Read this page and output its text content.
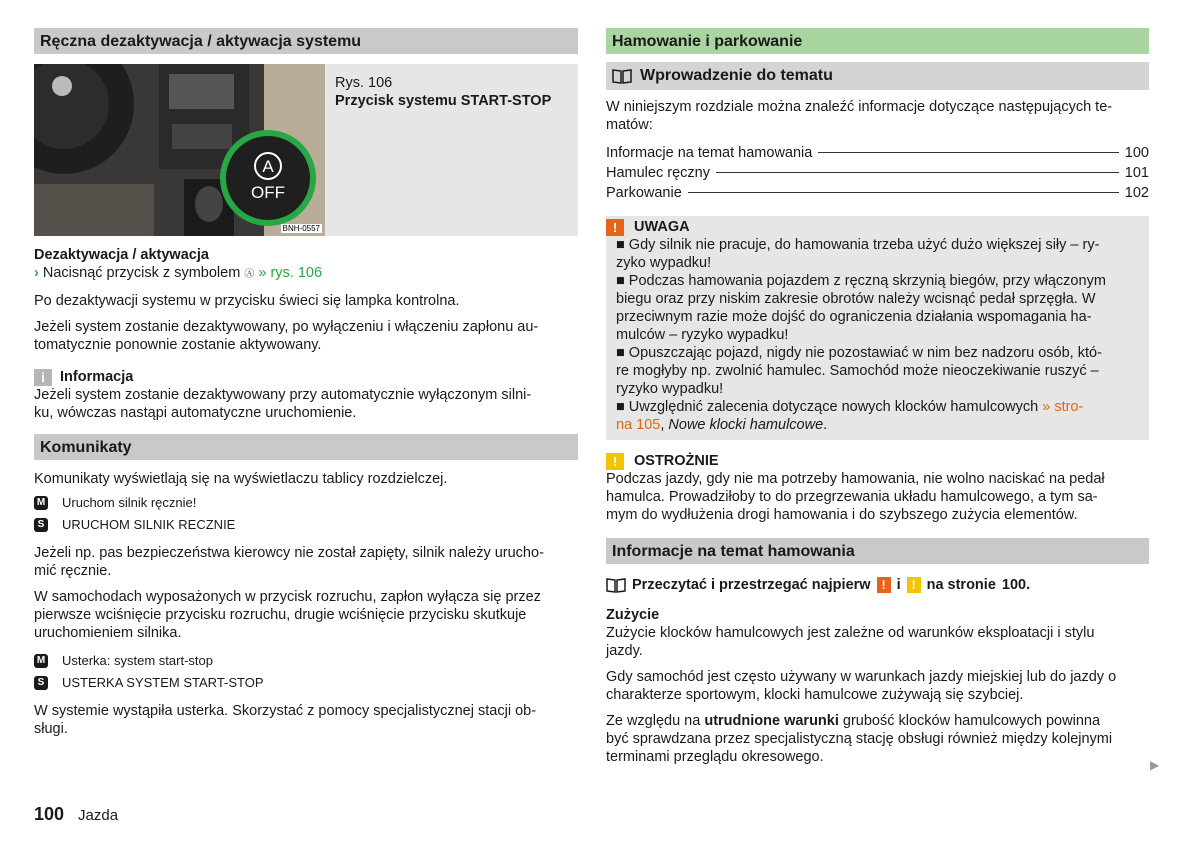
Ręczna dezaktywacja / aktywacja systemu
A
OFF
BNH-0557
Rys. 106
Przycisk systemu START-STOP
Dezaktywacja / aktywacja
› Nacisnąć przycisk z symbolem Ⓐ » rys. 106

Po dezaktywacji systemu w przycisku świeci się lampka kontrolna.

Jeżeli system zostanie dezaktywowany, po wyłączeniu i włączeniu zapłonu au-
tomatycznie ponownie zostanie aktywowany.

i	Informacja
Jeżeli system zostanie dezaktywowany przy automatycznie wyłączonym silni-
ku, wówczas nastąpi automatyczne uruchomienie.
Komunikaty

Komunikaty wyświetlają się na wyświetlaczu tablicy rozdzielczej.

M Uruchom silnik ręcznie!
S URUCHOM SILNIK RECZNIE

Jeżeli np. pas bezpieczeństwa kierowcy nie został zapięty, silnik należy urucho-
mić ręcznie.

W samochodach wyposażonych w przycisk rozruchu, zapłon wyłącza się przez
pierwsze wciśnięcie przycisku rozruchu, drugie wciśnięcie przycisku skutkuje
uruchomieniem silnika.

M Usterka: system start-stop
S USTERKA SYSTEM START-STOP

W systemie wystąpiła usterka. Skorzystać z pomocy specjalistycznej stacji ob-
sługi.

Hamowanie i parkowanie
Wprowadzenie do tematu

W niniejszym rozdziale można znaleźć informacje dotyczące następujących te-
matów:

Informacje na temat hamowania	100
Hamulec ręczny	101
Parkowanie	102
!	UWAGA
■ Gdy silnik nie pracuje, do hamowania trzeba użyć dużo większej siły – ry-
zyko wypadku!
■ Podczas hamowania pojazdem z ręczną skrzynią biegów, przy włączonym
biegu oraz przy niskim zakresie obrotów należy wcisnąć pedał sprzęgła. W
przeciwnym razie może dojść do ograniczenia działania wspomagania ha-
mulców – ryzyko wypadku!
■ Opuszczając pojazd, nigdy nie pozostawiać w nim bez nadzoru osób, któ-
re mogłyby np. zwolnić hamulec. Samochód może nieoczekiwanie ruszyć –
ryzyko wypadku!
■ Uwzględnić zalecenia dotyczące nowych klocków hamulcowych » stro-
na 105, Nowe klocki hamulcowe.
!	OSTROŻNIE
Podczas jazdy, gdy nie ma potrzeby hamowania, nie wolno naciskać na pedał
hamulca. Prowadziłoby to do przegrzewania układu hamulcowego, a tym sa-
mym do wydłużenia drogi hamowania i do szybszego zużycia elementów.
Informacje na temat hamowania
Przeczytać i przestrzegać najpierw ! i ! na stronie 100.
Zużycie
Zużycie klocków hamulcowych jest zależne od warunków eksploatacji i stylu
jazdy.

Gdy samochód jest często używany w warunkach jazdy miejskiej lub do jazdy o
charakterze sportowym, klocki hamulcowe zużywają się szybciej.

Ze względu na utrudnione warunki grubość klocków hamulcowych powinna
być sprawdzana przez specjalistyczną stację obsługi również między kolejnymi
terminami przeglądu okresowego.	▶
100 Jazda
